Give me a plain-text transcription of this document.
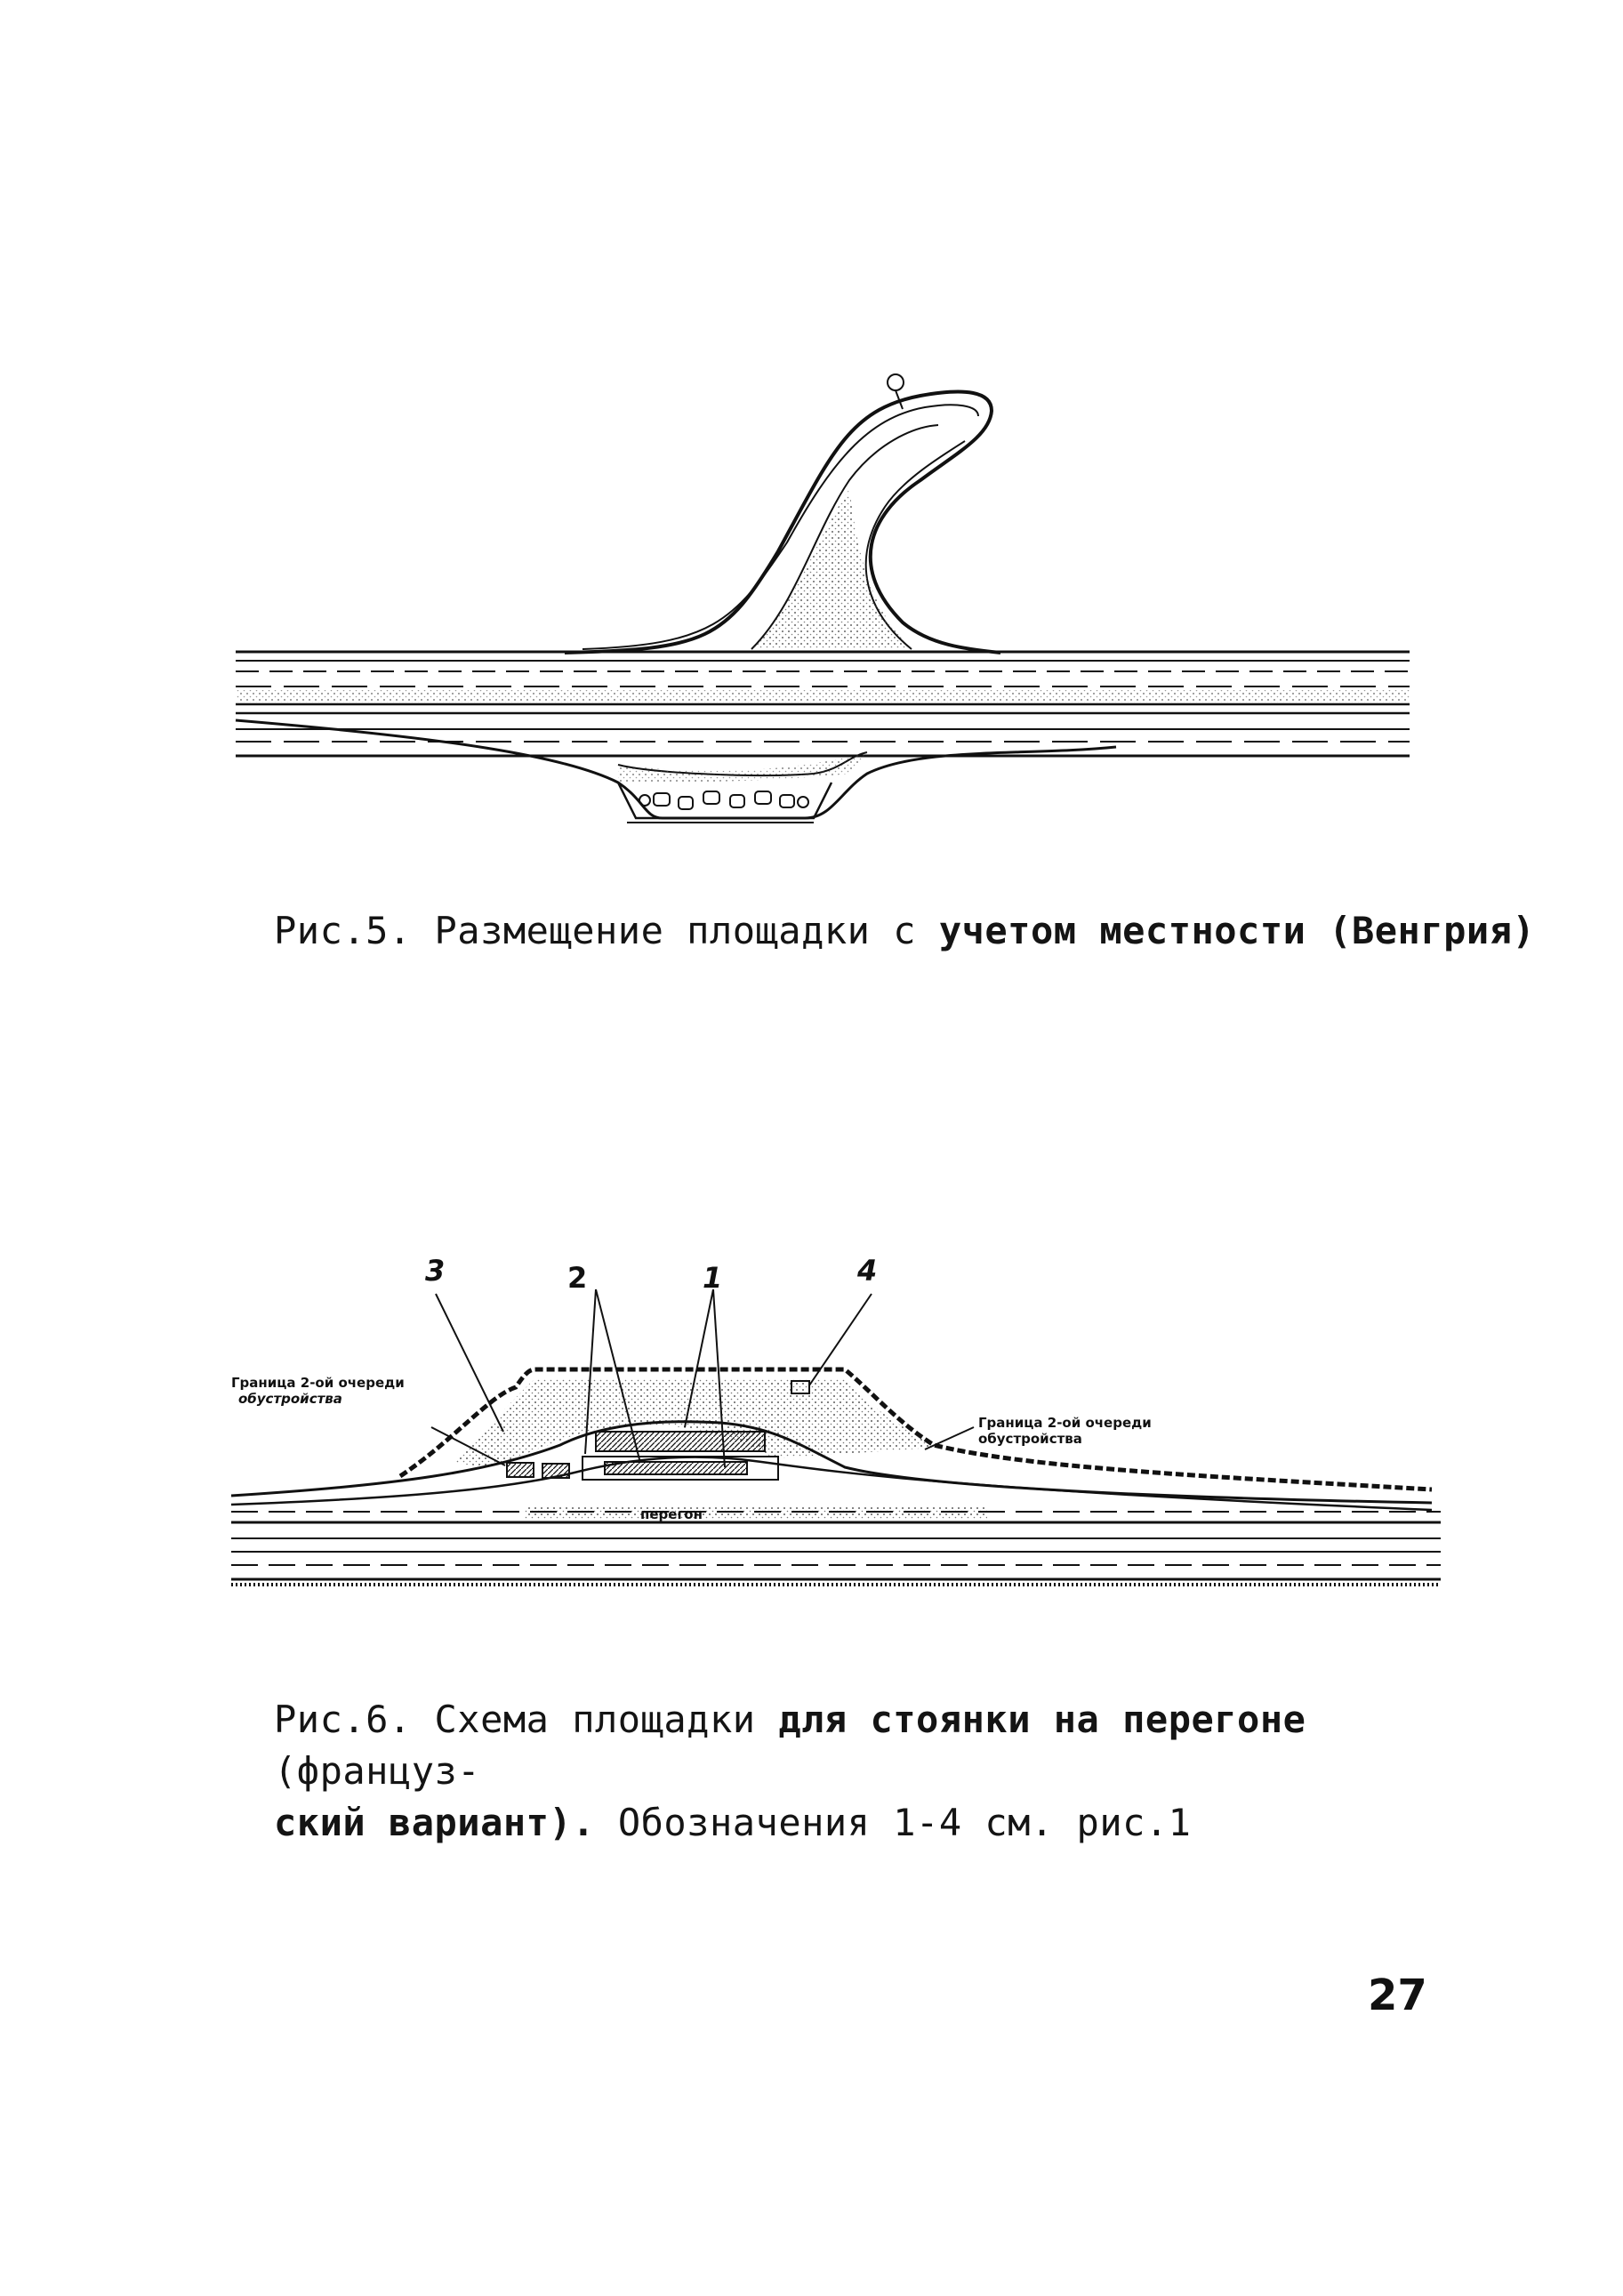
Рис.5. Размещение площадки с учетом местности (Венгрия)
перегон
3	2	1	4
Граница 2-ой очереди
обустройства
Граница 2-ой очереди
обустройства
Рис.6. Схема площадки для стоянки на перегоне (француз-
ский вариант). Обозначения 1-4 см. рис.1
27
